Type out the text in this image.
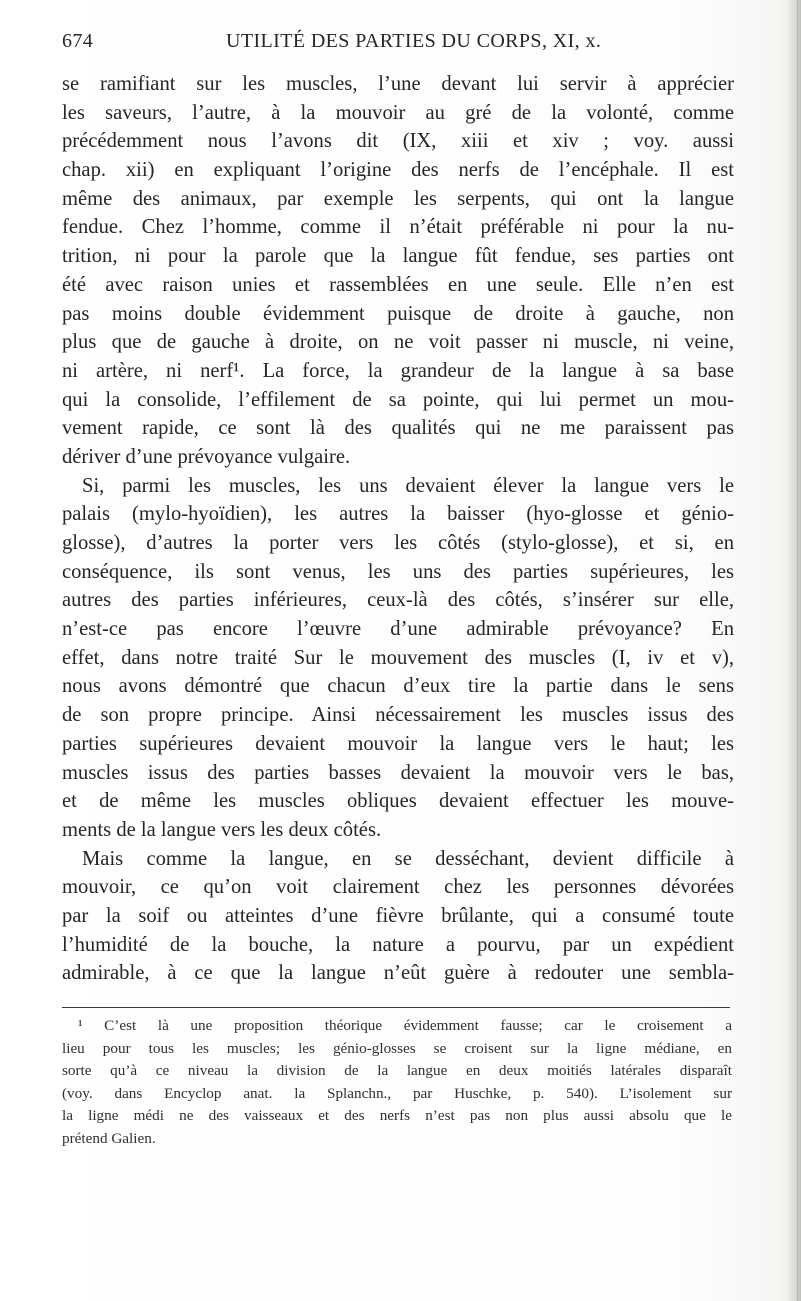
674	UTILITÉ DES PARTIES DU CORPS, XI, x.
se ramifiant sur les muscles, l’une devant lui servir à apprécier
les saveurs, l’autre, à la mouvoir au gré de la volonté, comme
précédemment nous l’avons dit (IX, xiii et xiv ; voy. aussi
chap. xii) en expliquant l’origine des nerfs de l’encéphale. Il est
même des animaux, par exemple les serpents, qui ont la langue
fendue. Chez l’homme, comme il n’était préférable ni pour la nu-
trition, ni pour la parole que la langue fût fendue, ses parties ont
été avec raison unies et rassemblées en une seule. Elle n’en est
pas moins double évidemment puisque de droite à gauche, non
plus que de gauche à droite, on ne voit passer ni muscle, ni veine,
ni artère, ni nerf¹. La force, la grandeur de la langue à sa base
qui la consolide, l’effilement de sa pointe, qui lui permet un mou-
vement rapide, ce sont là des qualités qui ne me paraissent pas
dériver d’une prévoyance vulgaire.
Si, parmi les muscles, les uns devaient élever la langue vers le
palais (mylo-hyoïdien), les autres la baisser (hyo-glosse et génio-
glosse), d’autres la porter vers les côtés (stylo-glosse), et si, en
conséquence, ils sont venus, les uns des parties supérieures, les
autres des parties inférieures, ceux-là des côtés, s’insérer sur elle,
n’est-ce pas encore l’œuvre d’une admirable prévoyance? En
effet, dans notre traité Sur le mouvement des muscles (I, iv et v),
nous avons démontré que chacun d’eux tire la partie dans le sens
de son propre principe. Ainsi nécessairement les muscles issus des
parties supérieures devaient mouvoir la langue vers le haut; les
muscles issus des parties basses devaient la mouvoir vers le bas,
et de même les muscles obliques devaient effectuer les mouve-
ments de la langue vers les deux côtés.
Mais comme la langue, en se desséchant, devient difficile à
mouvoir, ce qu’on voit clairement chez les personnes dévorées
par la soif ou atteintes d’une fièvre brûlante, qui a consumé toute
l’humidité de la bouche, la nature a pourvu, par un expédient
admirable, à ce que la langue n’eût guère à redouter une sembla-
¹ C’est là une proposition théorique évidemment fausse; car le croisement a
lieu pour tous les muscles; les génio-glosses se croisent sur la ligne médiane, en
sorte qu’à ce niveau la division de la langue en deux moitiés latérales disparaît
(voy. dans Encyclop anat. la Splanchn., par Huschke, p. 540). L’isolement sur
la ligne médi ne des vaisseaux et des nerfs n’est pas non plus aussi absolu que le
prétend Galien.
